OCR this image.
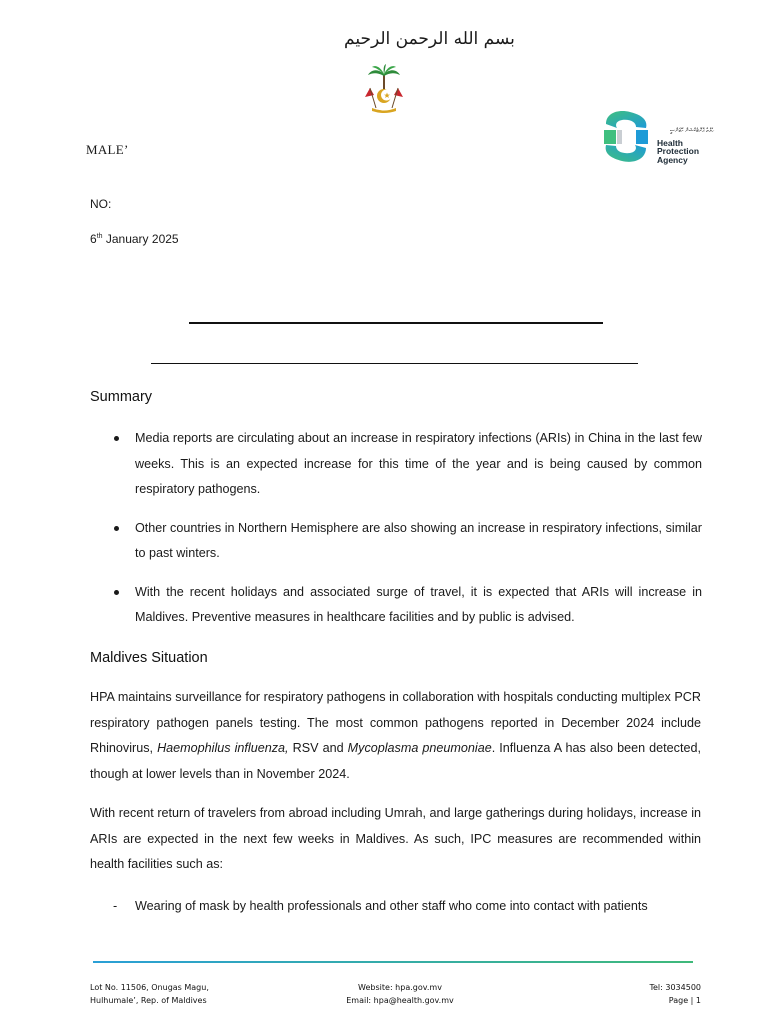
بسم الله الرحمن الرحيم
MALE’
ހެލްތް ޕްރޮޓެކްޝަން އޭޖެންސީ
Health
Protection
Agency
NO:
6th January 2025
Summary
Media reports are circulating about an increase in respiratory infections (ARIs) in China in the last few weeks. This is an expected increase for this time of the year and is being caused by common respiratory pathogens.
Other countries in Northern Hemisphere are also showing an increase in respiratory infections, similar to past winters.
With the recent holidays and associated surge of travel, it is expected that ARIs will increase in Maldives. Preventive measures in healthcare facilities and by public is advised.
Maldives Situation
HPA maintains surveillance for respiratory pathogens in collaboration with hospitals conducting multiplex PCR respiratory pathogen panels testing. The most common pathogens reported in December 2024 include Rhinovirus, Haemophilus influenza, RSV and Mycoplasma pneumoniae. Influenza A has also been detected, though at lower levels than in November 2024.
With recent return of travelers from abroad including Umrah, and large gatherings during holidays, increase in ARIs are expected in the next few weeks in Maldives. As such, IPC measures are recommended within health facilities such as:
- Wearing of mask by health professionals and other staff who come into contact with patients
Lot No. 11506, Onugas Magu,
Hulhumale’, Rep. of Maldives
Website: hpa.gov.mv
Email: hpa@health.gov.mv
Tel: 3034500
Page | 1
